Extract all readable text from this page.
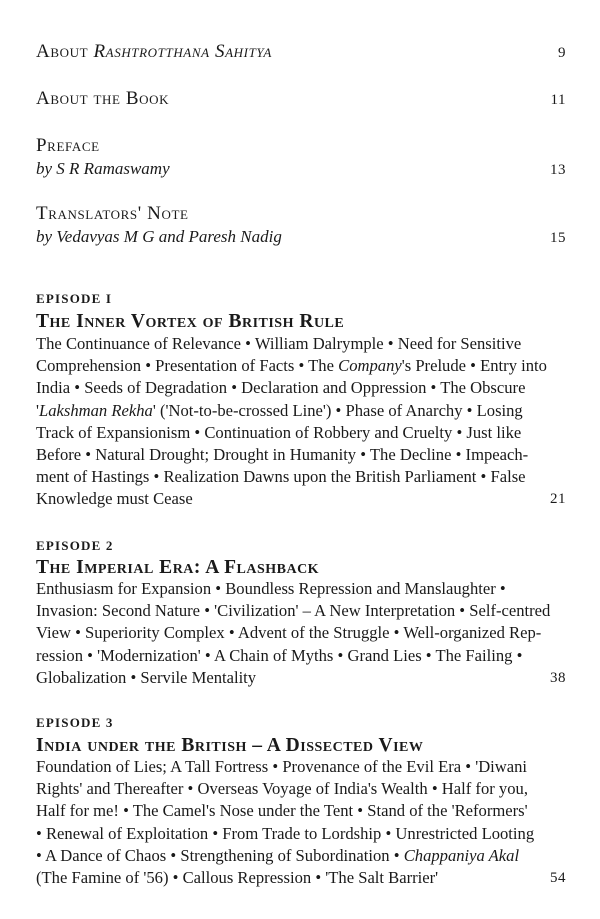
About Rashtrotthana Sahitya	9
About the Book	11
Preface
by S R Ramaswamy	13
Translators' Note
by Vedavyas M G and Paresh Nadig	15
EPISODE I
The Inner Vortex of British Rule
The Continuance of Relevance • William Dalrymple • Need for Sensitive
Comprehension • Presentation of Facts • The Company's Prelude • Entry into
India • Seeds of Degradation • Declaration and Oppression • The Obscure
'Lakshman Rekha' ('Not-to-be-crossed Line') • Phase of Anarchy • Losing
Track of Expansionism • Continuation of Robbery and Cruelty • Just like
Before • Natural Drought; Drought in Humanity • The Decline • Impeach-
ment of Hastings • Realization Dawns upon the British Parliament • False
Knowledge must Cease	21
EPISODE 2
The Imperial Era: A Flashback
Enthusiasm for Expansion • Boundless Repression and Manslaughter •
Invasion: Second Nature • 'Civilization' – A New Interpretation • Self-centred
View • Superiority Complex • Advent of the Struggle • Well-organized Rep-
ression • 'Modernization' • A Chain of Myths • Grand Lies • The Failing •
Globalization • Servile Mentality	38
EPISODE 3
India under the British – A Dissected View
Foundation of Lies; A Tall Fortress • Provenance of the Evil Era • 'Diwani
Rights' and Thereafter • Overseas Voyage of India's Wealth • Half for you,
Half for me! • The Camel's Nose under the Tent • Stand of the 'Reformers'
• Renewal of Exploitation • From Trade to Lordship • Unrestricted Looting
• A Dance of Chaos • Strengthening of Subordination • Chappaniya Akal
(The Famine of '56) • Callous Repression • 'The Salt Barrier'	54
